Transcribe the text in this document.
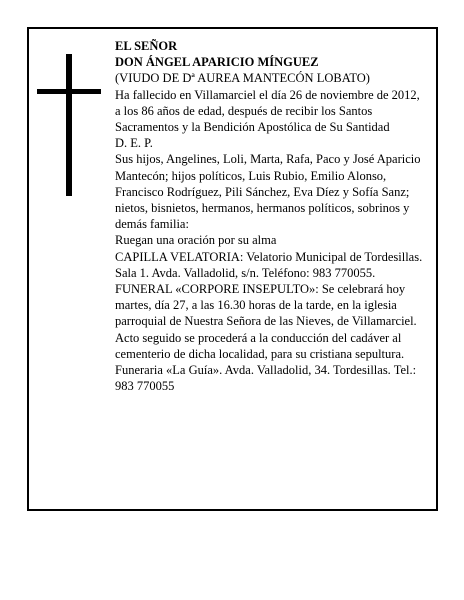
EL SEÑOR

DON ÁNGEL APARICIO MÍNGUEZ

(VIUDO DE Dª AUREA MANTECÓN LOBATO)

Ha fallecido en Villamarciel el día 26 de noviembre de 2012, a los 86 años de edad, después de recibir los Santos Sacramentos y la Bendición Apostólica de Su Santidad

D. E. P.

Sus hijos, Angelines, Loli, Marta, Rafa, Paco y José Aparicio Mantecón; hijos políticos, Luis Rubio, Emilio Alonso, Francisco Rodríguez, Pili Sánchez, Eva Díez y Sofía Sanz; nietos, bisnietos, hermanos, hermanos políticos, sobrinos y demás familia:

Ruegan una oración por su alma

CAPILLA VELATORIA: Velatorio Municipal de Tordesillas. Sala 1. Avda. Valladolid, s/n. Teléfono: 983 770055.

FUNERAL «CORPORE INSEPULTO»: Se celebrará hoy martes, día 27, a las 16.30 horas de la tarde, en la iglesia parroquial de Nuestra Señora de las Nieves, de Villamarciel. Acto seguido se procederá a la conducción del cadáver al cementerio de dicha localidad, para su cristiana sepultura.

Funeraria «La Guía». Avda. Valladolid, 34. Tordesillas. Tel.: 983 770055
